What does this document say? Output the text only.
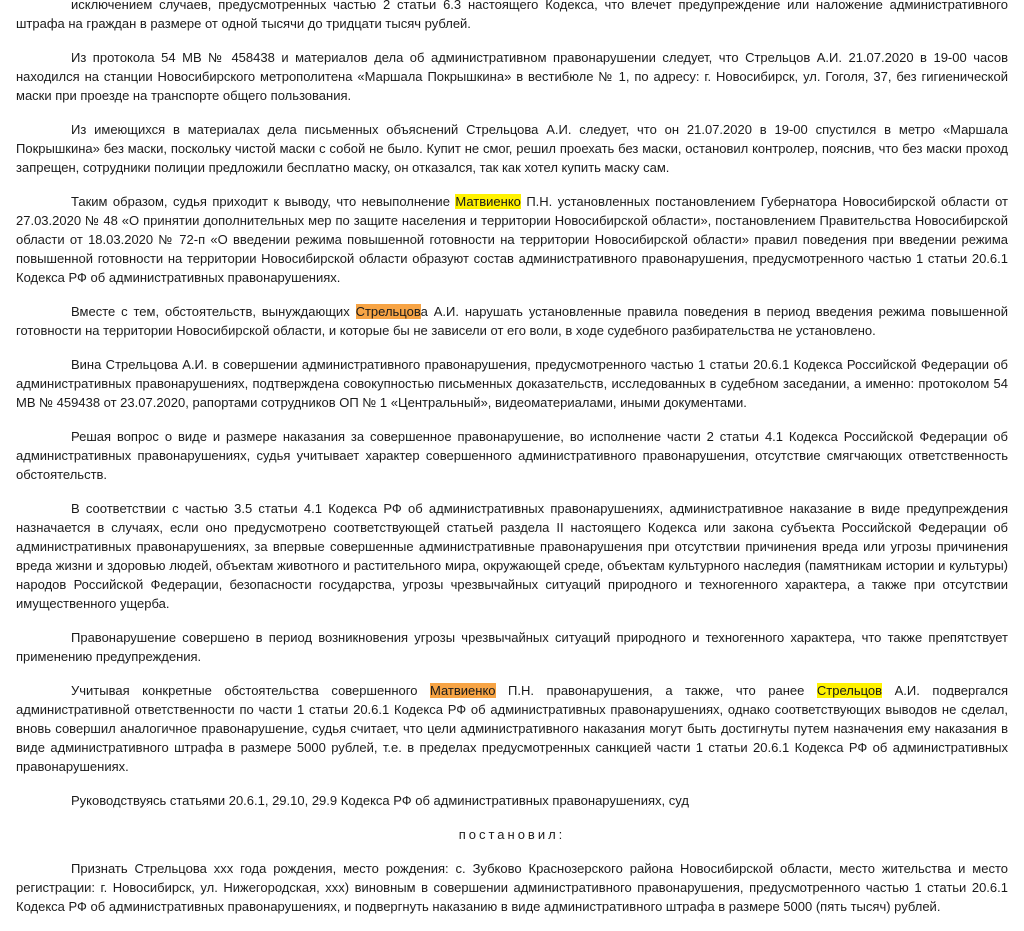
исключением случаев, предусмотренных частью 2 статьи 6.3 настоящего Кодекса, что влечет предупреждение или наложение административного штрафа на граждан в размере от одной тысячи до тридцати тысяч рублей.

Из протокола 54 МВ № 458438 и материалов дела об административном правонарушении следует, что Стрельцов А.И. 21.07.2020 в 19-00 часов находился на станции Новосибирского метрополитена «Маршала Покрышкина» в вестибюле № 1, по адресу: г. Новосибирск, ул. Гоголя, 37, без гигиенической маски при проезде на транспорте общего пользования.

Из имеющихся в материалах дела письменных объяснений Стрельцова А.И. следует, что он 21.07.2020 в 19-00 спустился в метро «Маршала Покрышкина» без маски, поскольку чистой маски с собой не было. Купит не смог, решил проехать без маски, остановил контролер, пояснив, что без маски проход запрещен, сотрудники полиции предложили бесплатно маску, он отказался, так как хотел купить маску сам.

Таким образом, судья приходит к выводу, что невыполнение Матвиенко П.Н. установленных постановлением Губернатора Новосибирской области от 27.03.2020 № 48 «О принятии дополнительных мер по защите населения и территории Новосибирской области», постановлением Правительства Новосибирской области от 18.03.2020 № 72-п «О введении режима повышенной готовности на территории Новосибирской области» правил поведения при введении режима повышенной готовности на территории Новосибирской области образуют состав административного правонарушения, предусмотренного частью 1 статьи 20.6.1 Кодекса РФ об административных правонарушениях.

Вместе с тем, обстоятельств, вынуждающих Стрельцова А.И. нарушать установленные правила поведения в период введения режима повышенной готовности на территории Новосибирской области, и которые бы не зависели от его воли, в ходе судебного разбирательства не установлено.

Вина Стрельцова А.И. в совершении административного правонарушения, предусмотренного частью 1 статьи 20.6.1 Кодекса Российской Федерации об административных правонарушениях, подтверждена совокупностью письменных доказательств, исследованных в судебном заседании, а именно: протоколом 54 МВ № 459438 от 23.07.2020, рапортами сотрудников ОП № 1 «Центральный», видеоматериалами, иными документами.

Решая вопрос о виде и размере наказания за совершенное правонарушение, во исполнение части 2 статьи 4.1 Кодекса Российской Федерации об административных правонарушениях, судья учитывает характер совершенного административного правонарушения, отсутствие смягчающих ответственность обстоятельств.

В соответствии с частью 3.5 статьи 4.1 Кодекса РФ об административных правонарушениях, административное наказание в виде предупреждения назначается в случаях, если оно предусмотрено соответствующей статьей раздела II настоящего Кодекса или закона субъекта Российской Федерации об административных правонарушениях, за впервые совершенные административные правонарушения при отсутствии причинения вреда или угрозы причинения вреда жизни и здоровью людей, объектам животного и растительного мира, окружающей среде, объектам культурного наследия (памятникам истории и культуры) народов Российской Федерации, безопасности государства, угрозы чрезвычайных ситуаций природного и техногенного характера, а также при отсутствии имущественного ущерба.

Правонарушение совершено в период возникновения угрозы чрезвычайных ситуаций природного и техногенного характера, что также препятствует применению предупреждения.

Учитывая конкретные обстоятельства совершенного Матвиенко П.Н. правонарушения, а также, что ранее Стрельцов А.И. подвергался административной ответственности по части 1 статьи 20.6.1 Кодекса РФ об административных правонарушениях, однако соответствующих выводов не сделал, вновь совершил аналогичное правонарушение, судья считает, что цели административного наказания могут быть достигнуты путем назначения ему наказания в виде административного штрафа в размере 5000 рублей, т.е. в пределах предусмотренных санкцией части 1 статьи 20.6.1 Кодекса РФ об административных правонарушениях.

Руководствуясь статьями 20.6.1, 29.10, 29.9 Кодекса РФ об административных правонарушениях, суд

постановил:

Признать Стрельцова ххх года рождения, место рождения: с. Зубково Краснозерского района Новосибирской области, место жительства и место регистрации: г. Новосибирск, ул. Нижегородская, ххх) виновным в совершении административного правонарушения, предусмотренного частью 1 статьи 20.6.1 Кодекса РФ об административных правонарушениях, и подвергнуть наказанию в виде административного штрафа в размере 5000 (пять тысяч) рублей.
